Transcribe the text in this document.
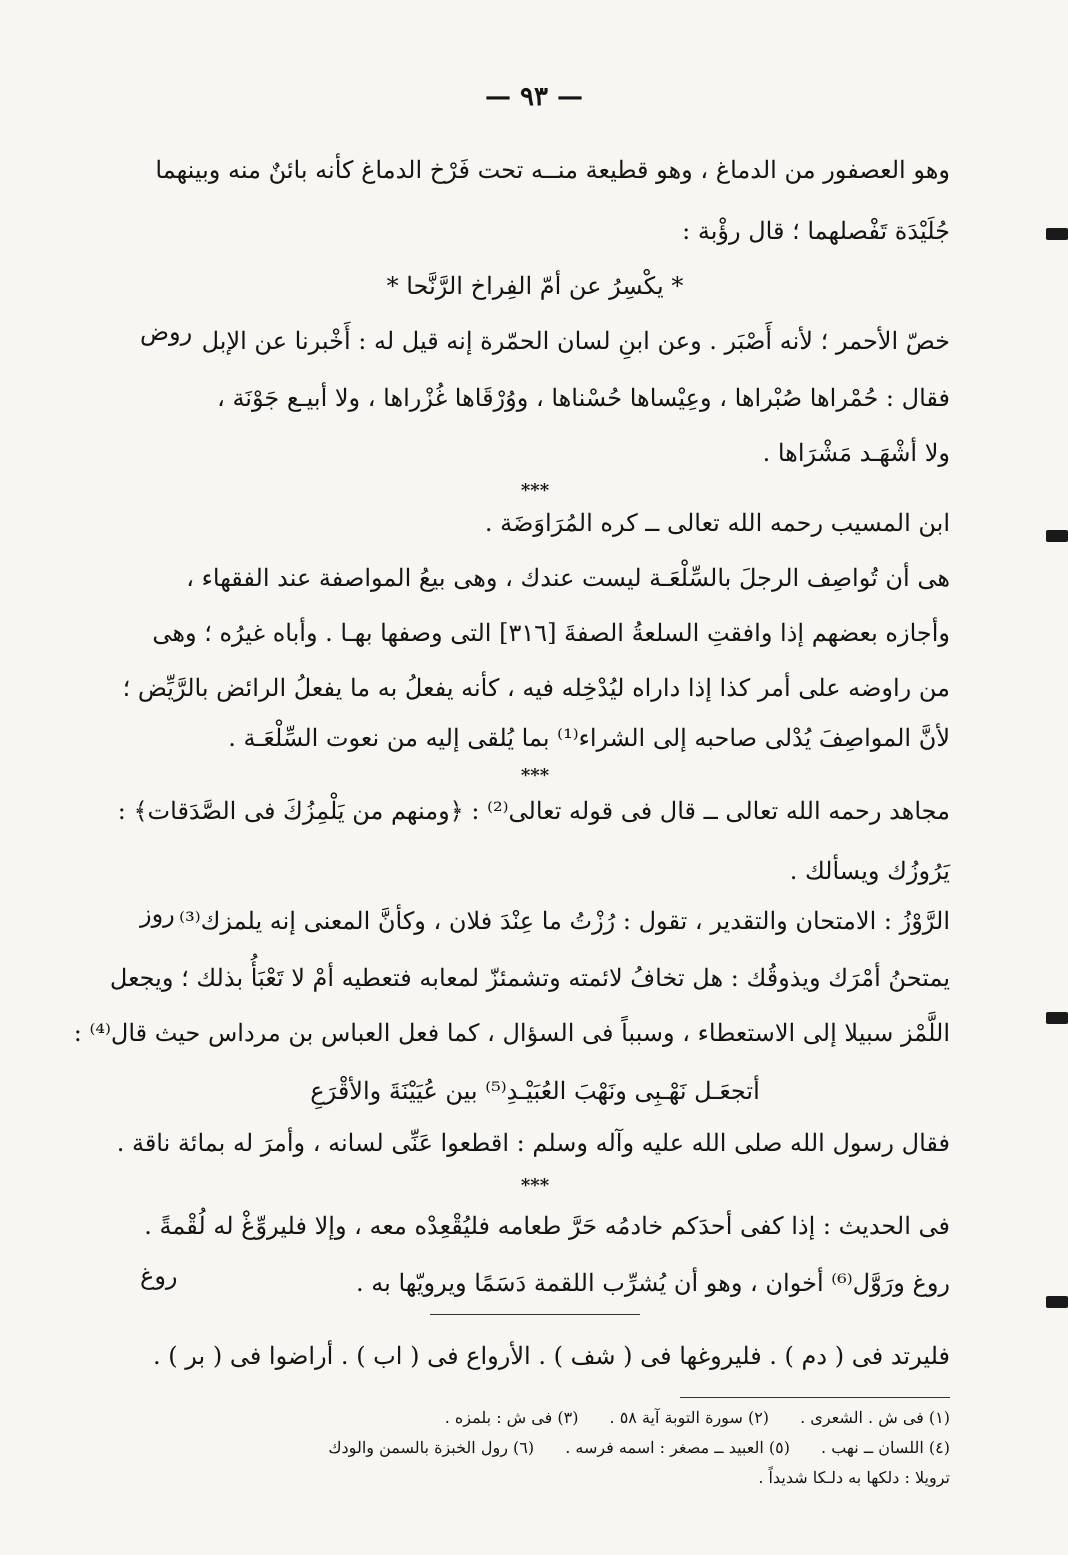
— ٩٣ —
وهو العصفور من الدماغ ، وهو قطيعة منــه تحت فَرْخ الدماغ كأنه بائنٌ منه وبينهما
جُلَيْدَة تَفْصلهما ؛ قال رؤْبة :
* يكْسِرُ عن أمّ الفِراخ الرَّنَّحا *
خصّ الأحمر ؛ لأنه أَصْبَر . وعن ابنِ لسان الحمّرة إنه قيل له : أَخْبرنا عن الإبل
فقال : حُمْراها صُبْراها ، وعِيْساها حُسْناها ، ووُرْقَاها غُزْراها ، ولا أبيـع جَوْنَة ،
ولا أشْهَـد مَشْرَاها .
***
ابن المسيب رحمه الله تعالى ــ كره المُرَاوَضَة .
هى أن تُواصِف الرجلَ بالسِّلْعَـة ليست عندك ، وهى بيعُ المواصفة عند الفقهاء ،
وأجازه بعضهم إذا وافقتِ السلعةُ الصفةَ [٣١٦] التى وصفها بهـا . وأباه غيرُه ؛ وهى
من راوضه على أمر كذا إذا داراه ليُدْخِله فيه ، كأنه يفعلُ به ما يفعلُ الرائض بالرَّيِّض ؛
لأنَّ المواصِفَ يُدْلى صاحبه إلى الشراء⁽¹⁾ بما يُلقى إليه من نعوت السِّلْعَـة .
***
مجاهد رحمه الله تعالى ــ قال فى قوله تعالى⁽²⁾ : ﴿ومنهم من يَلْمِزُكَ فى الصَّدَقات﴾ :
يَرُوزُك ويسألك .
الرَّوْزُ : الامتحان والتقدير ، تقول : رُزْتُ ما عِنْدَ فلان ، وكأنَّ المعنى إنه يلمزك⁽³⁾
يمتحنُ أمْرَك ويذوقُك : هل تخافُ لائمته وتشمئزّ لمعابه فتعطيه أمْ لا تَعْبَأُ بذلك ؛ ويجعل
اللَّمْز سبيلا إلى الاستعطاء ، وسبباً فى السؤال ، كما فعل العباس بن مرداس حيث قال⁽⁴⁾ :
أتجعَـل نَهْـبِى ونَهْبَ العُبَيْـدِ⁽⁵⁾ بين عُيَيْنَةَ والأقْرَعِ
فقال رسول الله صلى الله عليه وآله وسلم : اقطعوا عَنِّى لسانه ، وأمرَ له بمائة ناقة .
***
فى الحديث : إذا كفى أحدَكم خادمُه حَرَّ طعامه فليُقْعِدْه معه ، وإلا فليروِّغْ له لُقْمةً .
روغ ورَوَّل⁽⁶⁾ أخوان ، وهو أن يُشرِّب اللقمة دَسَمًا ويرويّها به .
فليرتد فى ( دم ) . فليروغها فى ( شف ) . الأرواع فى ( اب ) . أراضوا فى ( بر ) .
روض
روز
روغ
(١) فى ش . الشعرى . (٢) سورة التوبة آية ٥٨ . (٣) فى ش : بلمزه .
(٤) اللسان ــ نهب . (٥) العبيد ــ مصغر : اسمه فرسه . (٦) رول الخبزة بالسمن والودك
ترويلا : دلكها به دلـكا شديداً .
